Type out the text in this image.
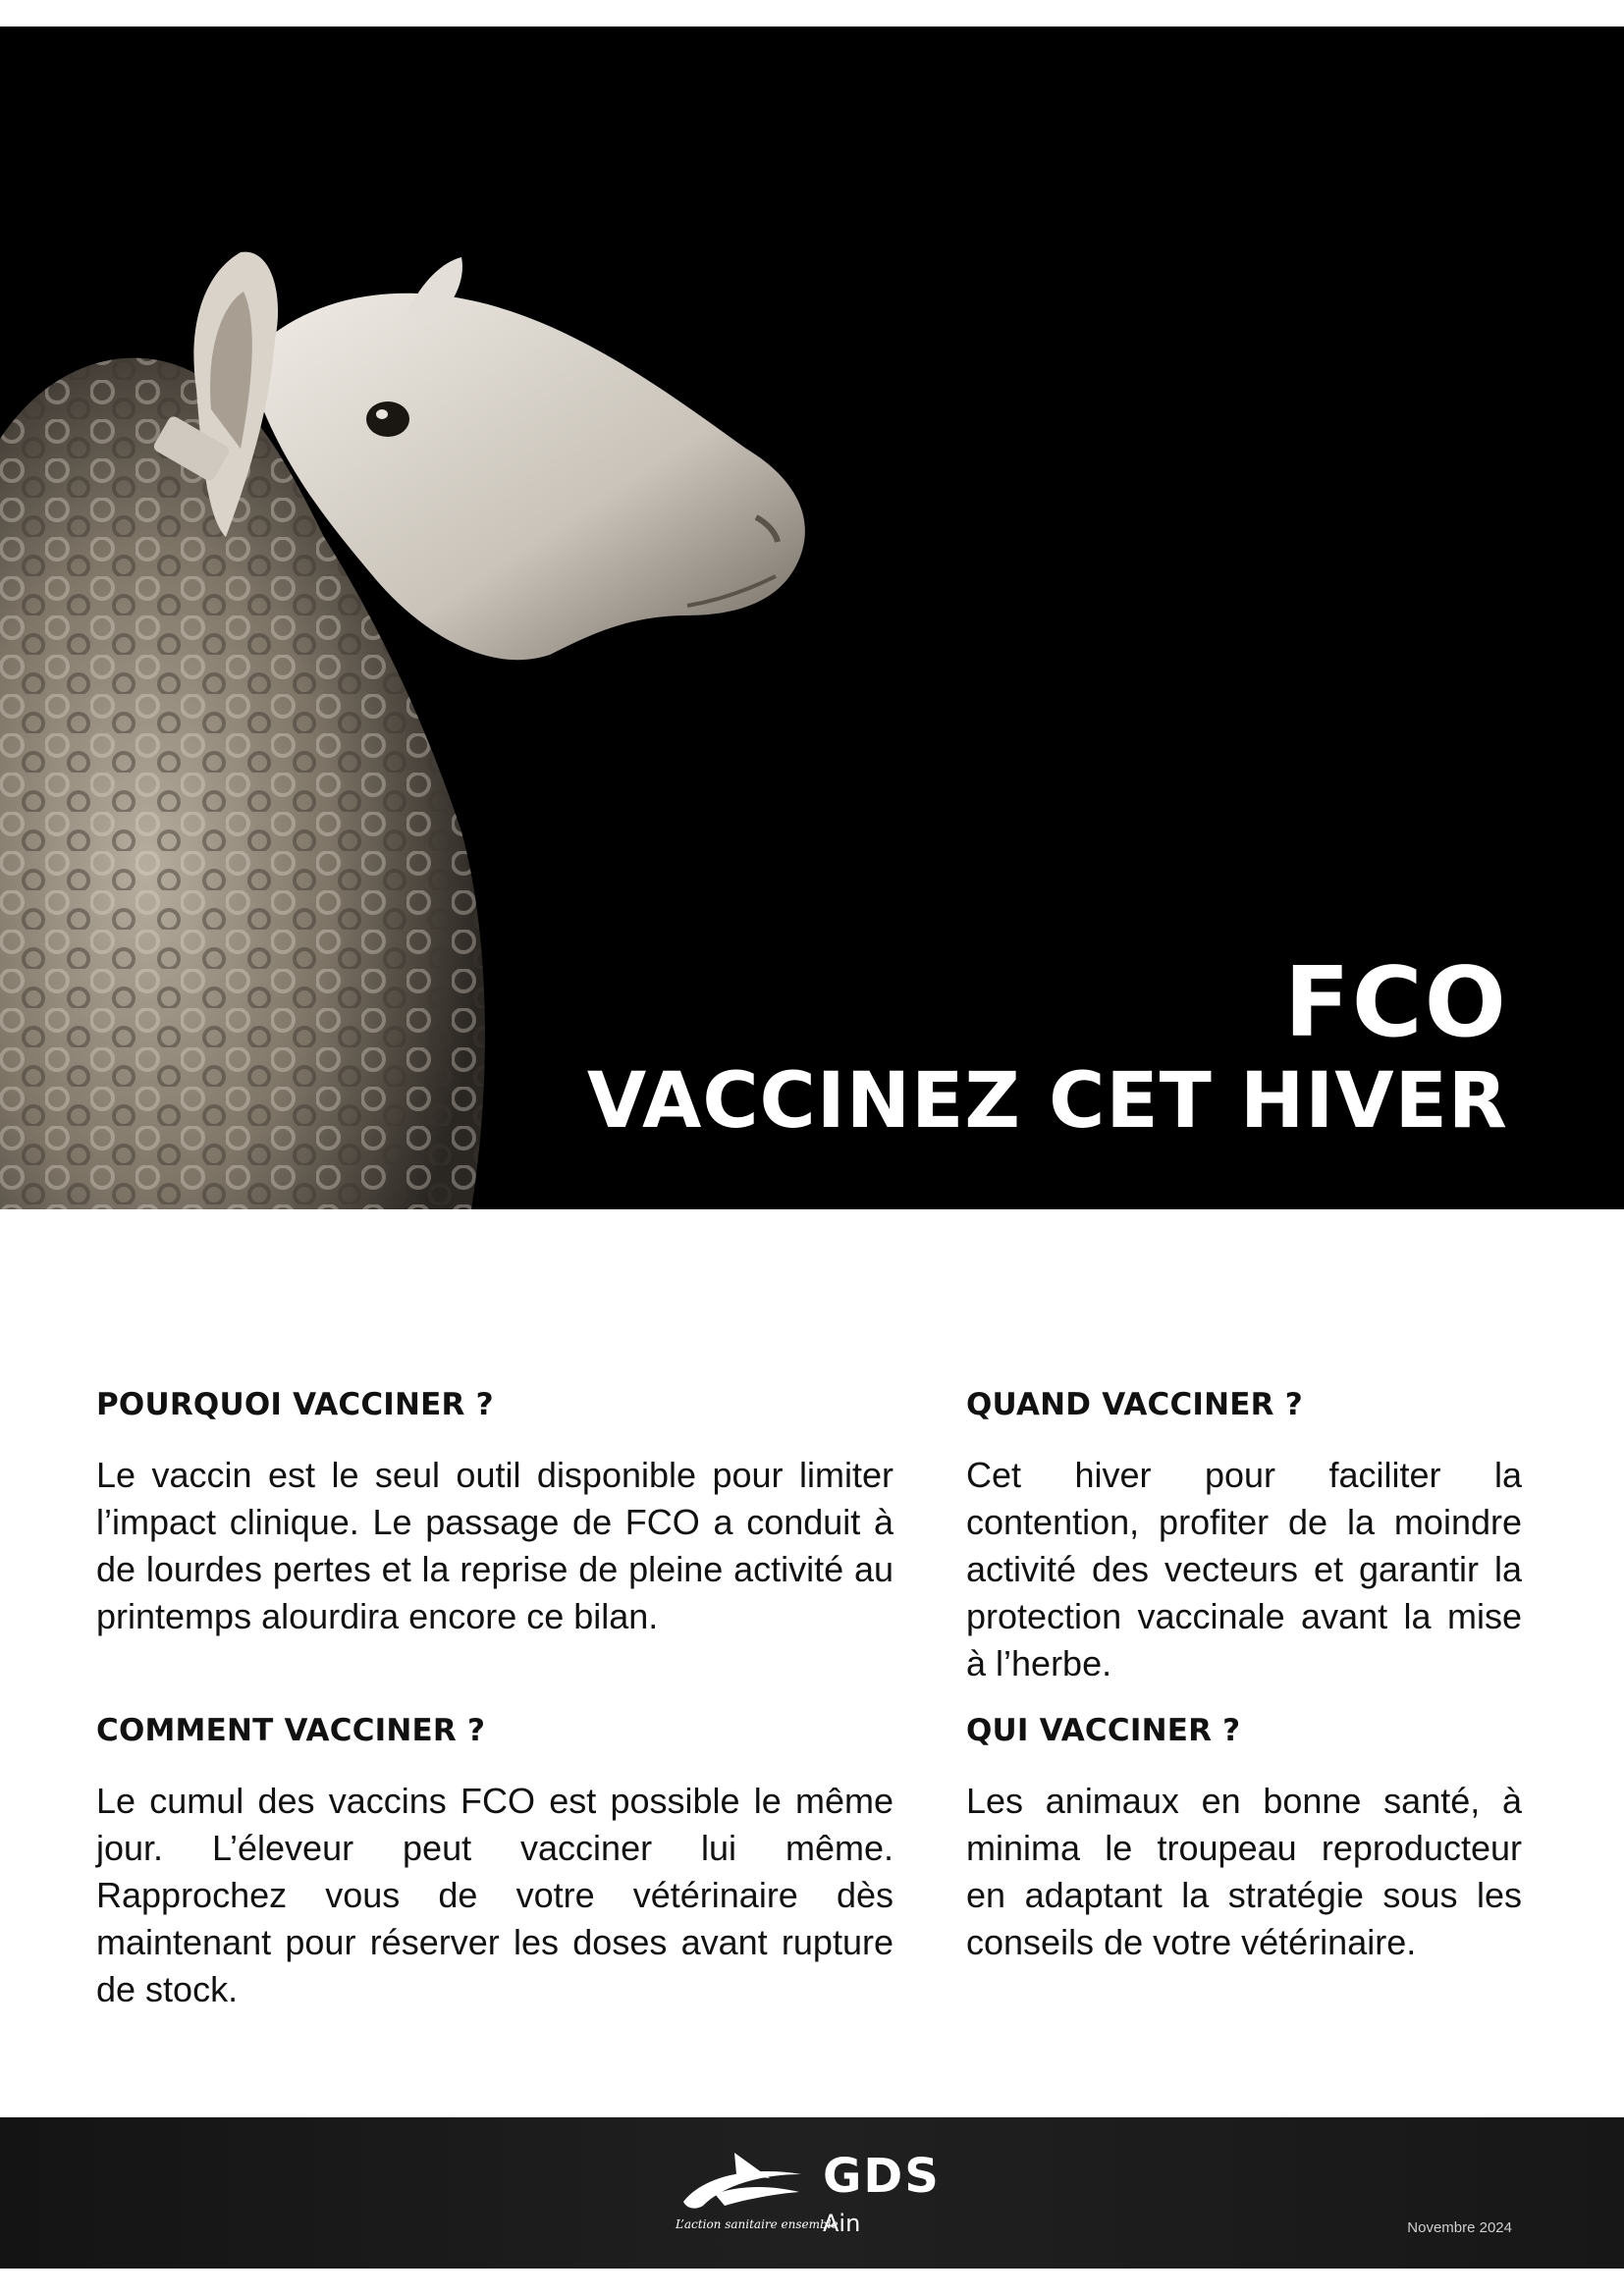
FCO
VACCINEZ CET HIVER
POURQUOI VACCINER ?

Le vaccin est le seul outil disponible pour limiter l’impact clinique. Le passage de FCO a conduit à de lourdes pertes et la reprise de pleine activité au printemps alourdira encore ce bilan.

QUAND VACCINER ?

Cet hiver pour faciliter la contention, profiter de la moindre activité des vecteurs et garantir la protection vaccinale avant la mise à l’herbe.

COMMENT VACCINER ?

Le cumul des vaccins FCO est possible le même jour. L’éleveur peut vacciner lui même. Rapprochez vous de votre vétérinaire dès maintenant pour réserver les doses avant rupture de stock.

QUI VACCINER ?

Les animaux en bonne santé, à minima le troupeau reproducteur en adaptant la stratégie sous les conseils de votre vétérinaire.

GDS
Ain
L’action sanitaire ensemble	Novembre 2024
